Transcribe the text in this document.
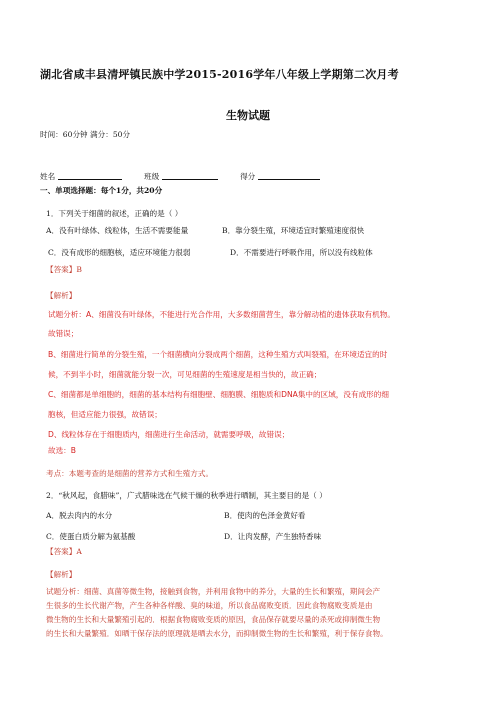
湖北省咸丰县清坪镇民族中学2015-2016学年八年级上学期第二次月考
生物试题
时间：60分钟 满分：50分
姓名	班级	得分
一、单项选择题：每个1分，共20分
1．下列关于细菌的叙述，正确的是（ ）
A．没有叶绿体、线粒体，生活不需要能量	B．靠分裂生殖，环境适宜时繁殖速度很快
C．没有成形的细胞核，适应环境能力很弱	D．不需要进行呼吸作用，所以没有线粒体
【答案】B
【解析】
试题分析：A、细菌没有叶绿体，不能进行光合作用，大多数细菌营生，靠分解动植的遗体获取有机物。
故错误；
B、细菌进行简单的分裂生殖，一个细菌横向分裂成两个细菌，这种生殖方式叫裂殖，在环境适宜的时
候，不到半小时，细菌就能分裂一次，可见细菌的生殖速度是相当快的，故正确；
C、细菌都是单细胞的，细菌的基本结构有细胞壁、细胞膜、细胞质和DNA集中的区域，没有成形的细
胞核，但适应能力很强，故错误；
D、线粒体存在于细胞质内，细菌进行生命活动，就需要呼吸，故错误；
故选：B
考点：本题考查的是细菌的营养方式和生殖方式。
2．“秋风起，食腊味”，广式腊味选在气候干燥的秋季进行晒制，其主要目的是（ ）
A．脱去肉内的水分	B．使肉的色泽金黄好看
C．使蛋白质分解为氨基酸	D．让肉发酵，产生独特香味
【答案】A
【解析】
试题分析：细菌、真菌等微生物，接触到食物，并利用食物中的养分，大量的生长和繁殖，期间会产
生很多的生长代谢产物，产生各种各样酸、臭的味道，所以食品腐败变质．因此食物腐败变质是由
微生物的生长和大量繁殖引起的．根据食物腐败变质的原因，食品保存就要尽量的杀死或抑制微生物
的生长和大量繁殖．如晒干保存法的原理就是晒去水分，而抑制微生物的生长和繁殖，利于保存食物。
